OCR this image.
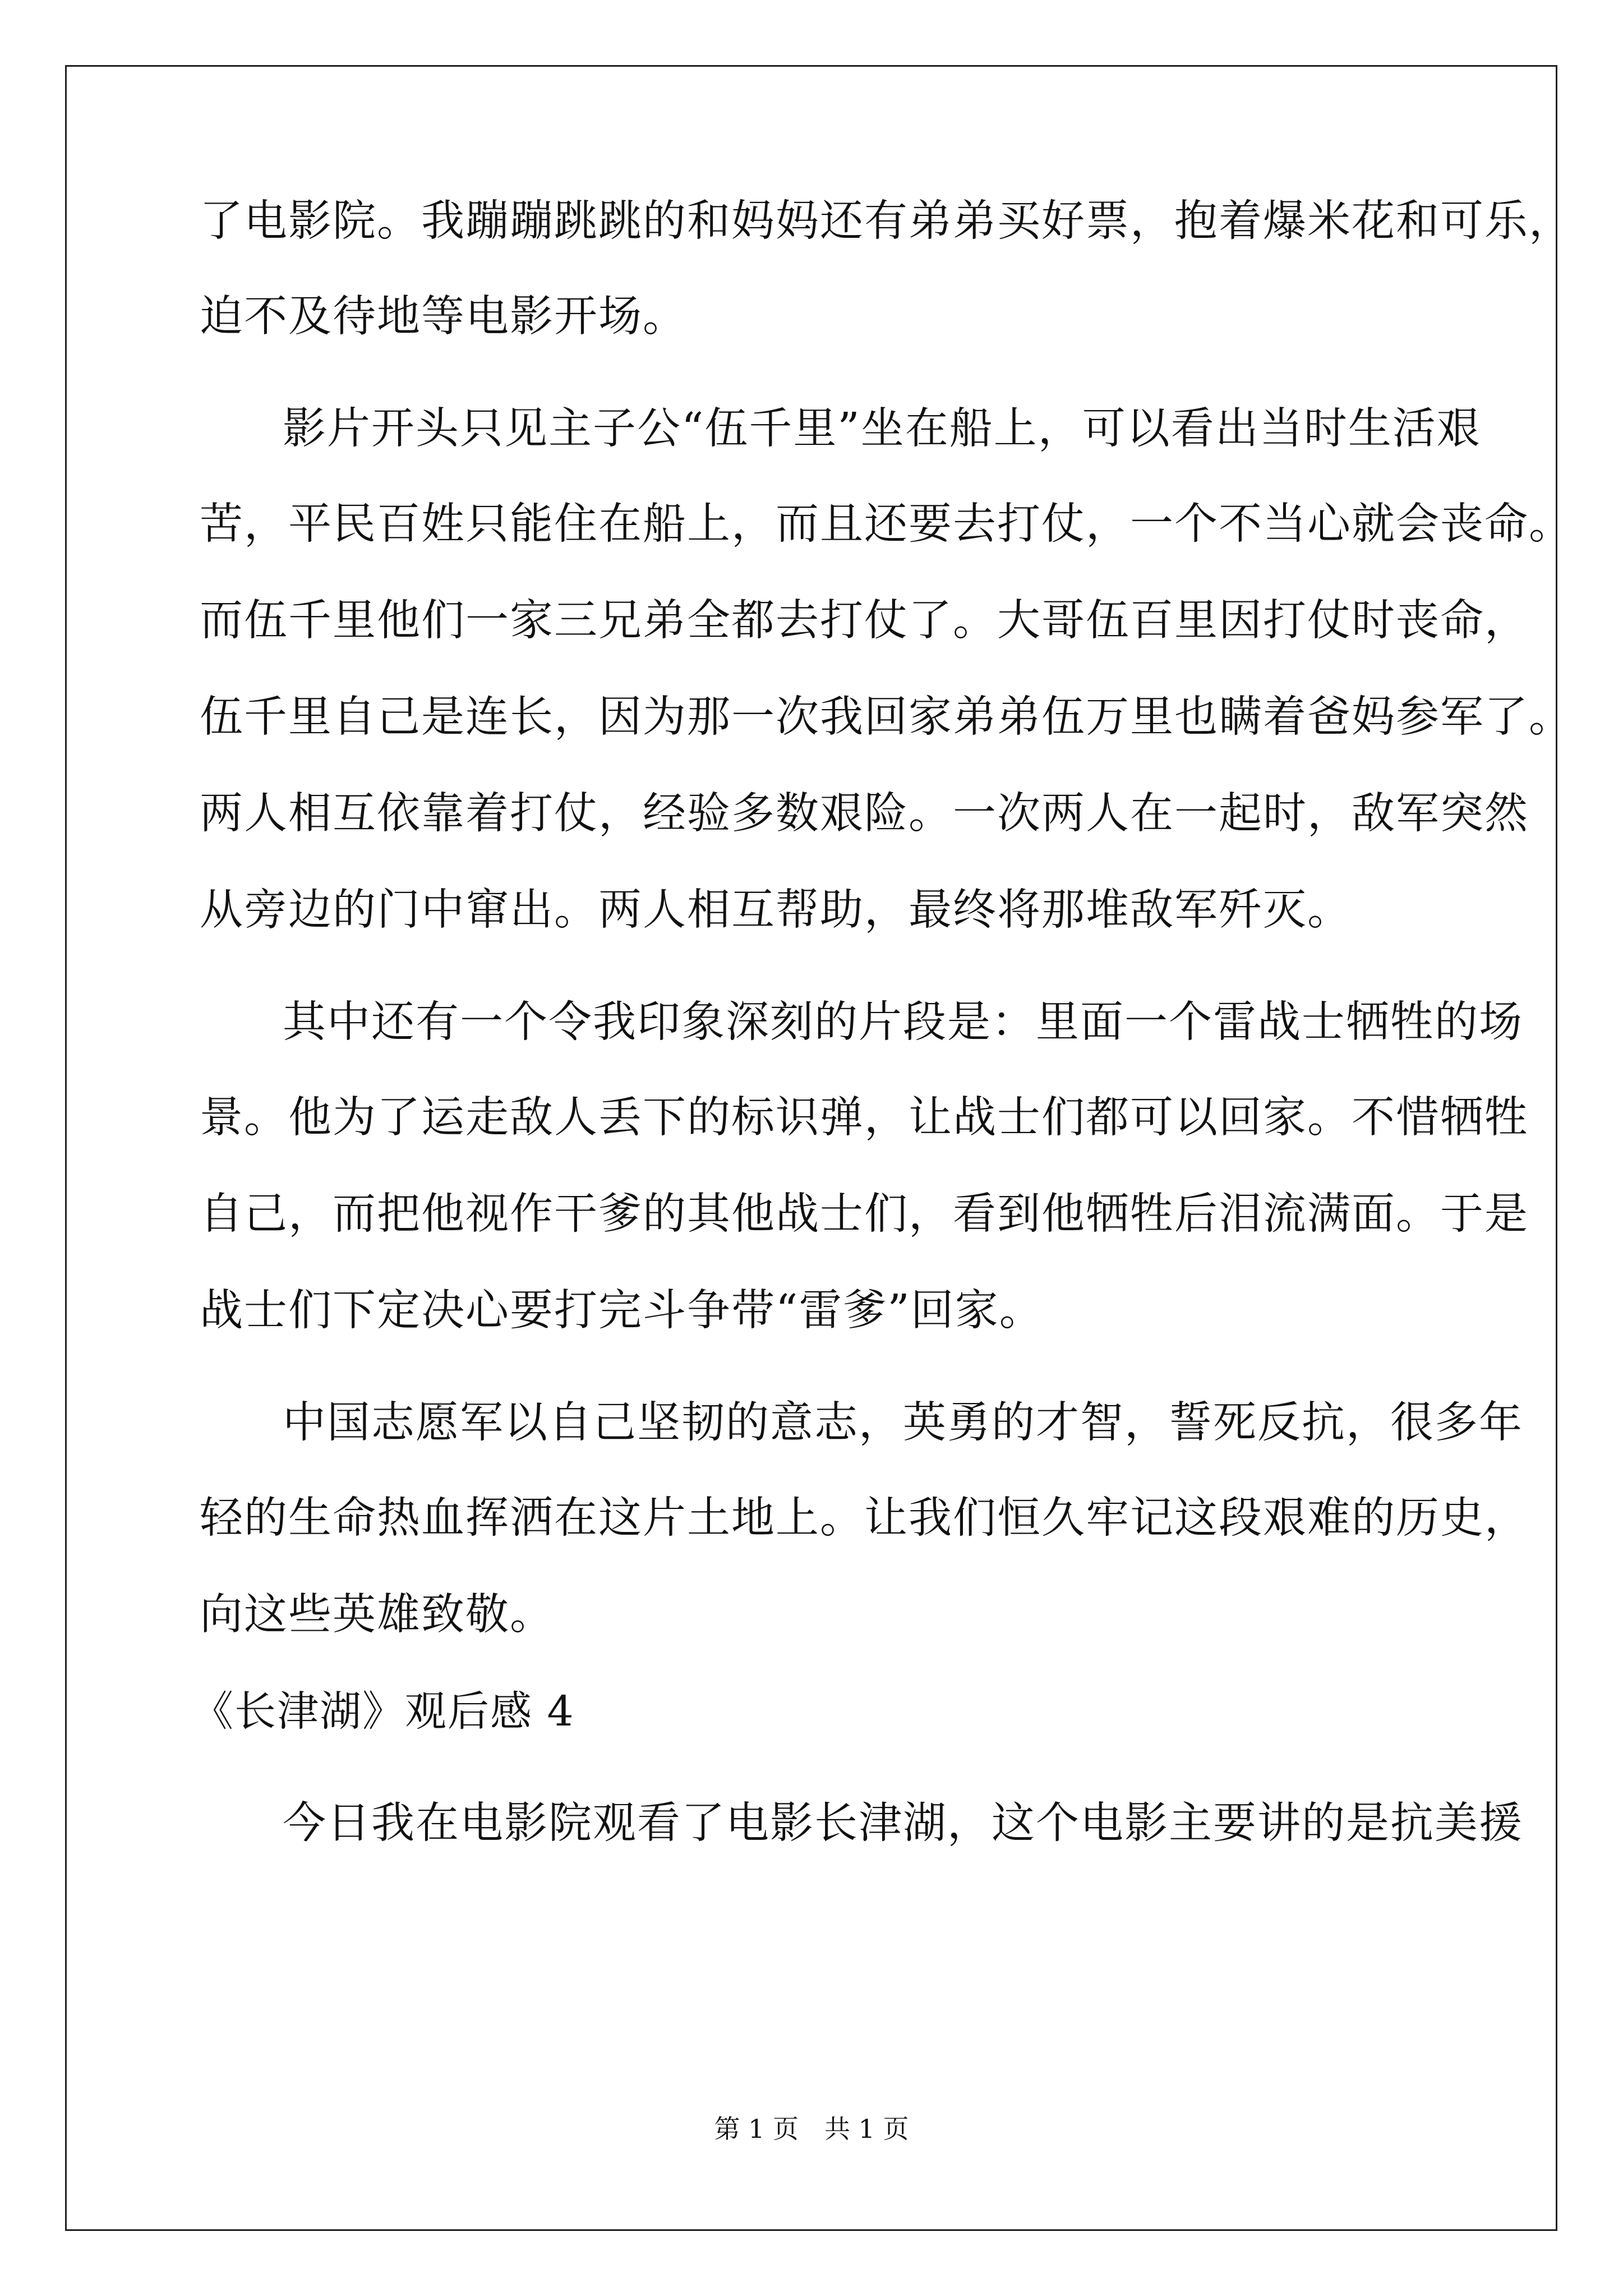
了电影院。我蹦蹦跳跳的和妈妈还有弟弟买好票，抱着爆米花和可乐，
迫不及待地等电影开场。
影片开头只见主子公“伍千里”坐在船上，可以看出当时生活艰
苦，平民百姓只能住在船上，而且还要去打仗，一个不当心就会丧命。
而伍千里他们一家三兄弟全都去打仗了。大哥伍百里因打仗时丧命，
伍千里自己是连长，因为那一次我回家弟弟伍万里也瞒着爸妈参军了。
两人相互依靠着打仗，经验多数艰险。一次两人在一起时，敌军突然
从旁边的门中窜出。两人相互帮助，最终将那堆敌军歼灭。
其中还有一个令我印象深刻的片段是：里面一个雷战士牺牲的场
景。他为了运走敌人丢下的标识弹，让战士们都可以回家。不惜牺牲
自己，而把他视作干爹的其他战士们，看到他牺牲后泪流满面。于是
战士们下定决心要打完斗争带“雷爹”回家。
中国志愿军以自己坚韧的意志，英勇的才智，誓死反抗，很多年
轻的生命热血挥洒在这片土地上。让我们恒久牢记这段艰难的历史，
向这些英雄致敬。
《长津湖》观后感 4
今日我在电影院观看了电影长津湖，这个电影主要讲的是抗美援
第 1 页 共 1 页
